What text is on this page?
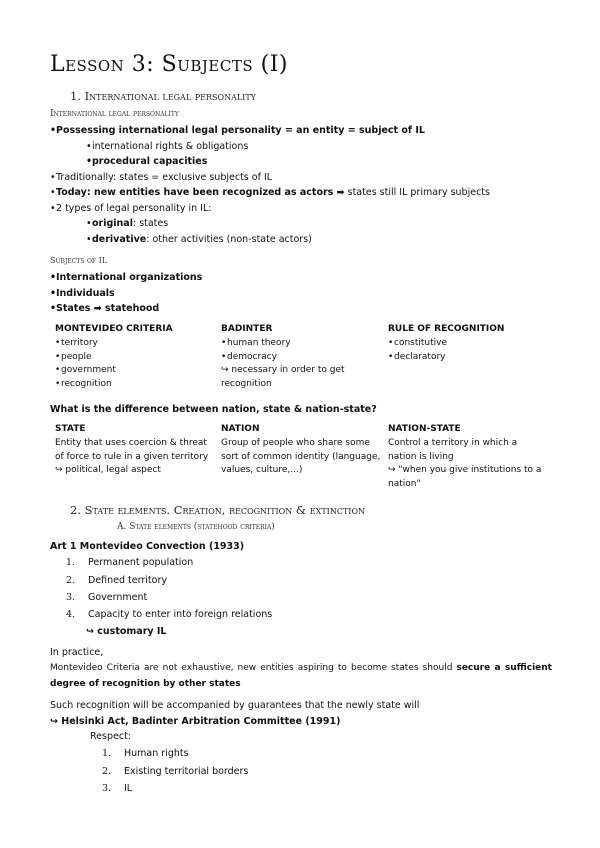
Lesson 3: Subjects (I)
1. International legal personality
International legal personality
• Possessing international legal personality = an entity = subject of IL
• international rights & obligations
• procedural capacities
• Traditionally: states = exclusive subjects of IL
• Today: new entities have been recognized as actors ➡ states still IL primary subjects
• 2 types of legal personality in IL:
• original: states
• derivative: other activities (non-state actors)
Subjects of IL
• International organizations
• Individuals
• States ➡ statehood
MONTEVIDEO CRITERIA
• territory
• people
• government
• recognition
BADINTER
• human theory
• democracy
↪ necessary in order to get recognition
RULE OF RECOGNITION
• constitutive
• declaratory
What is the difference between nation, state & nation-state?
STATE
Entity that uses coercion & threat of force to rule in a given territory
↪ political, legal aspect
NATION
Group of people who share some sort of common identity (language, values, culture,...)
NATION-STATE
Control a territory in which a nation is living
↪ "when you give institutions to a nation"
2. State elements. Creation, recognition & extinction
A. State elements (statehood criteria)
Art 1 Montevideo Convection (1933)
1. Permanent population
2. Defined territory
3. Government
4. Capacity to enter into foreign relations
↪ customary IL
In practice,
Montevideo Criteria are not exhaustive, new entities aspiring to become states should secure a sufficient
degree of recognition by other states
Such recognition will be accompanied by guarantees that the newly state will
↪ Helsinki Act, Badinter Arbitration Committee (1991)
Respect:
1. Human rights
2. Existing territorial borders
3. IL
